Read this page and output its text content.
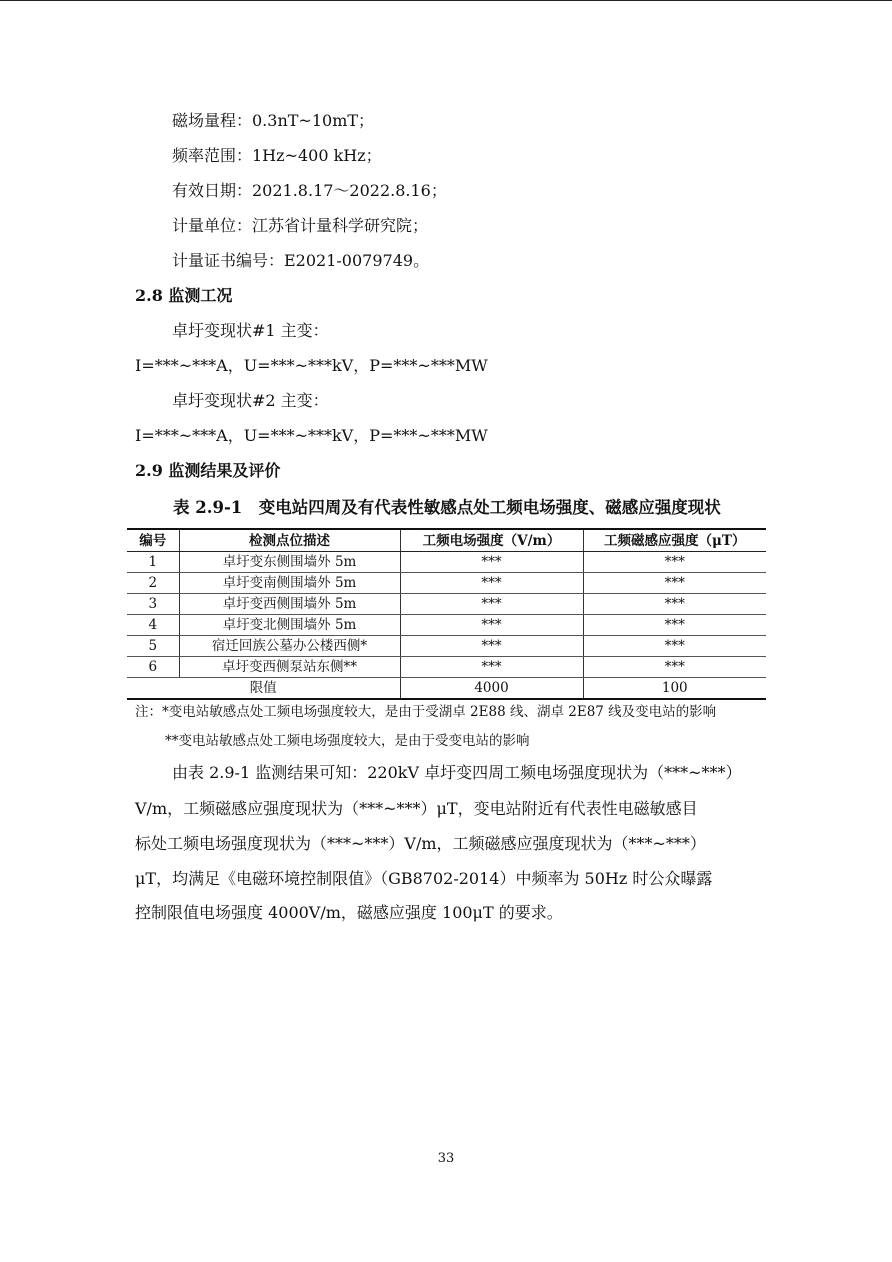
磁场量程：0.3nT~10mT；
频率范围：1Hz~400 kHz；
有效日期：2021.8.17～2022.8.16；
计量单位：江苏省计量科学研究院；
计量证书编号：E2021-0079749。
2.8 监测工况
卓圩变现状#1 主变：
I=***~***A，U=***~***kV，P=***~***MW
卓圩变现状#2 主变：
I=***~***A，U=***~***kV，P=***~***MW
2.9 监测结果及评价
表 2.9-1　变电站四周及有代表性敏感点处工频电场强度、磁感应强度现状
编号	检测点位描述	工频电场强度（V/m）	工频磁感应强度（μT）
1	卓圩变东侧围墙外 5m	***	***
2	卓圩变南侧围墙外 5m	***	***
3	卓圩变西侧围墙外 5m	***	***
4	卓圩变北侧围墙外 5m	***	***
5	宿迁回族公墓办公楼西侧*	***	***
6	卓圩变西侧泵站东侧**	***	***
限值		4000	100
注：*变电站敏感点处工频电场强度较大，是由于受湖卓 2E88 线、湖卓 2E87 线及变电站的影响
**变电站敏感点处工频电场强度较大，是由于受变电站的影响
由表 2.9-1 监测结果可知：220kV 卓圩变四周工频电场强度现状为（***~***）
V/m，工频磁感应强度现状为（***~***）μT，变电站附近有代表性电磁敏感目
标处工频电场强度现状为（***~***）V/m，工频磁感应强度现状为（***~***）
μT，均满足《电磁环境控制限值》（GB8702-2014）中频率为 50Hz 时公众曝露
控制限值电场强度 4000V/m，磁感应强度 100μT 的要求。
33
